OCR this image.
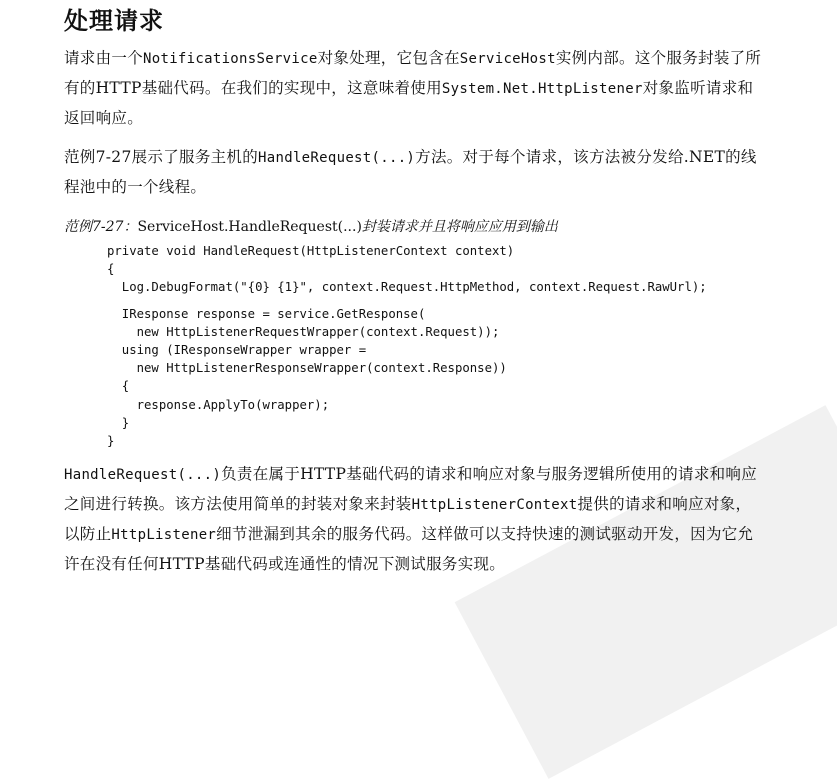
处理请求

请求由一个NotificationsService对象处理，它包含在ServiceHost实例内部。这个服务封装了所有的HTTP基础代码。在我们的实现中，这意味着使用System.Net.HttpListener对象监听请求和返回响应。

范例7-27展示了服务主机的HandleRequest(...)方法。对于每个请求，该方法被分发给.NET的线程池中的一个线程。

范例7-27：ServiceHost.HandleRequest(...)封装请求并且将响应应用到输出
private void HandleRequest(HttpListenerContext context)
{
Log.DebugFormat("{0} {1}", context.Request.HttpMethod, context.Request.RawUrl);
IResponse response = service.GetResponse(
new HttpListenerRequestWrapper(context.Request));
using (IResponseWrapper wrapper =
new HttpListenerResponseWrapper(context.Response))
{
response.ApplyTo(wrapper);
}
}

HandleRequest(...)负责在属于HTTP基础代码的请求和响应对象与服务逻辑所使用的请求和响应之间进行转换。该方法使用简单的封装对象来封装HttpListenerContext提供的请求和响应对象，以防止HttpListener细节泄漏到其余的服务代码。这样做可以支持快速的测试驱动开发，因为它允许在没有任何HTTP基础代码或连通性的情况下测试服务实现。
